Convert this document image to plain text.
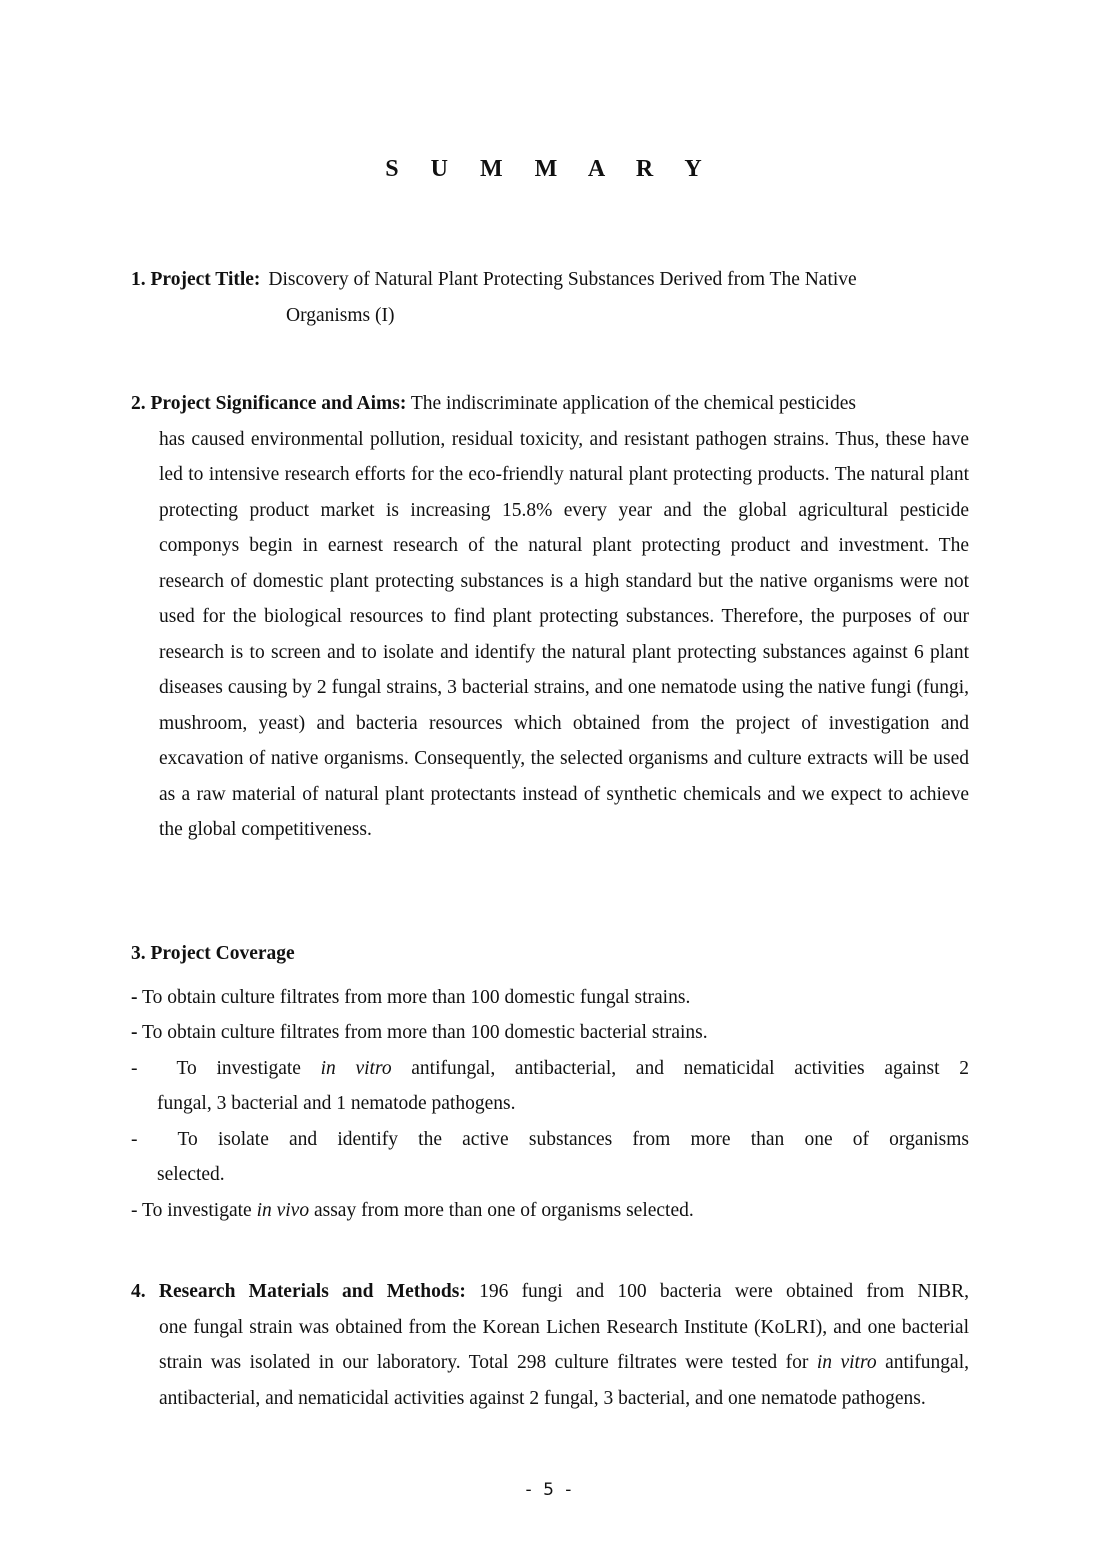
S U M M A R Y
1. Project Title: Discovery of Natural Plant Protecting Substances Derived from The Native
Organisms (I)
2. Project Significance and Aims: The indiscriminate application of the chemical pesticides
has caused environmental pollution, residual toxicity, and resistant pathogen strains. Thus, these have led to intensive research efforts for the eco-friendly natural plant protecting products. The natural plant protecting product market is increasing 15.8% every year and the global agricultural pesticide componys begin in earnest research of the natural plant protecting product and investment. The research of domestic plant protecting substances is a high standard but the native organisms were not used for the biological resources to find plant protecting substances. Therefore, the purposes of our research is to screen and to isolate and identify the natural plant protecting substances against 6 plant diseases causing by 2 fungal strains, 3 bacterial strains, and one nematode using the native fungi (fungi, mushroom, yeast) and bacteria resources which obtained from the project of investigation and excavation of native organisms. Consequently, the selected organisms and culture extracts will be used as a raw material of natural plant protectants instead of synthetic chemicals and we expect to achieve the global competitiveness.
3. Project Coverage
- To obtain culture filtrates from more than 100 domestic fungal strains.
- To obtain culture filtrates from more than 100 domestic bacterial strains.
-  To investigate in vitro antifungal, antibacterial, and nematicidal activities against 2
fungal, 3 bacterial and 1 nematode pathogens.
-  To isolate and identify the active substances from more than one of organisms
selected.
- To investigate in vivo assay from more than one of organisms selected.
4. Research Materials and Methods: 196 fungi and 100 bacteria were obtained from NIBR,
one fungal strain was obtained from the Korean Lichen Research Institute (KoLRI), and one bacterial strain was isolated in our laboratory. Total 298 culture filtrates were tested for in vitro antifungal, antibacterial, and nematicidal activities against 2 fungal, 3 bacterial, and one nematode pathogens.
- 5 -
